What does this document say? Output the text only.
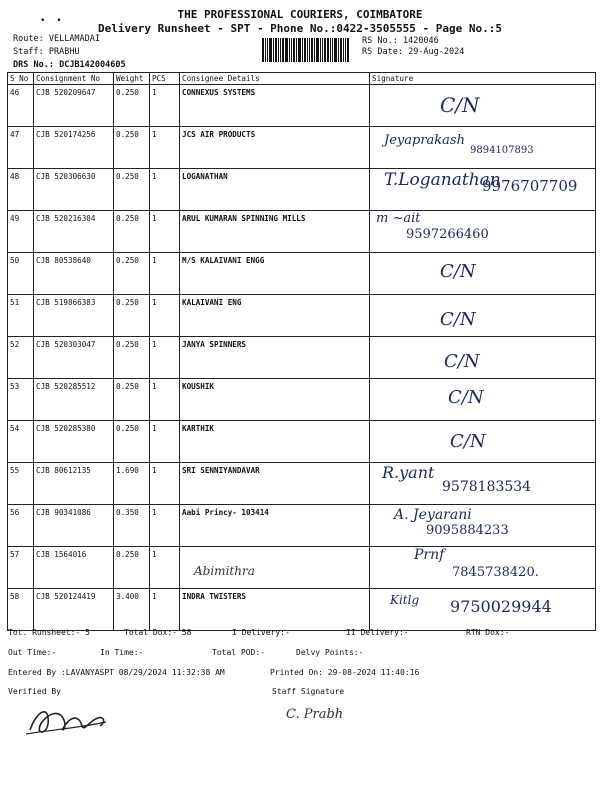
•  •	THE PROFESSIONAL COURIERS, COIMBATORE
Delivery Runsheet - SPT - Phone No.:0422-3505555 - Page No.:5
Route: VELLAMADAI
Staff: PRABHU
DRS No.: DCJB142004605
RS No.: 1420046
RS Date: 29-Aug-2024
S No	Consignment No	Weight	PCS	Consignee Details	Signature
46	CJB 520209647	0.250	1	CONNEXUS SYSTEMS	C/N

47	CJB 520174256	0.250	1	JCS AIR PRODUCTS	Jeyaprakash
9894107893

48	CJB 520306630	0.250	1	LOGANATHAN	T.Loganathan
9976707709

49	CJB 520216304	0.250	1	ARUL KUMARAN SPINNING MILLS	m ~ait
9597266460

50	CJB 80538640	0.250	1	M/S KALAIVANI ENGG	C/N

51	CJB 519866383	0.250	1	KALAIVANI ENG	C/N

52	CJB 520303047	0.250	1	JANYA SPINNERS	C/N

53	CJB 520285512	0.250	1	KOUSHIK	C/N

54	CJB 520285380	0.250	1	KARTHIK	C/N

55	CJB 80612135	1.690	1	SRI SENNIYANDAVAR	R.yant
9578183534

56	CJB 90341086	0.350	1	Aabi Princy- 103414	A. Jeyarani
9095884233

57	CJB 1564016	0.250	1	Abimithra	Prnf
7845738420.

58	CJB 520124419	3.400	1	INDRA TWISTERS	Kitlg 9750029944
Tot. Runsheet:- 5	Total Dox:- 58	I Delivery:-	II Delivery:-	RTN Dox:-
Out Time:-	In Time:-	Total POD:-	Delvy Points:-
Entered By :LAVANYASPT 08/29/2024 11:32:38 AM	Printed On: 29-08-2024 11:40:16
Verified By	Staff Signature
C. Prabh
